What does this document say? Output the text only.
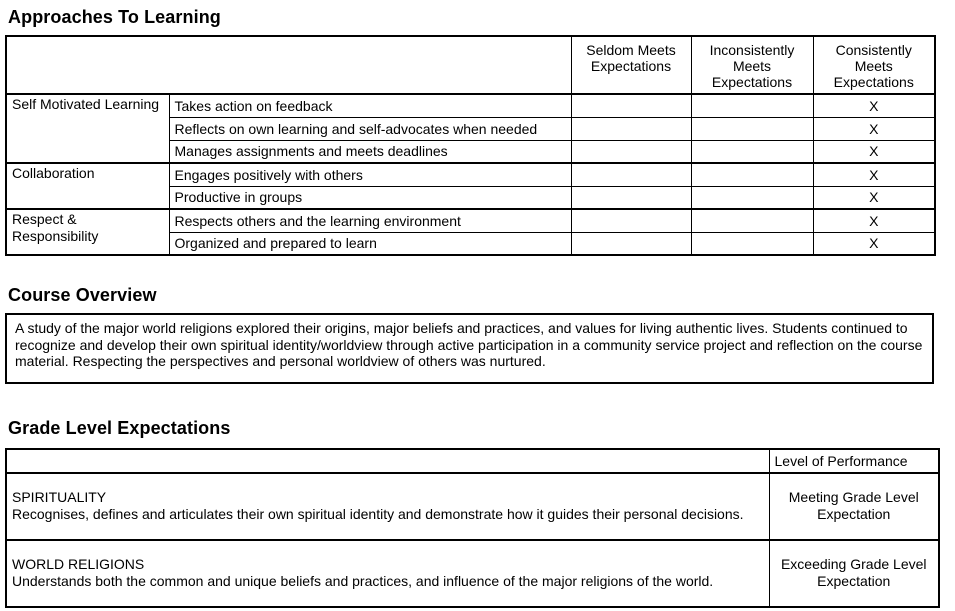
Approaches To Learning
		Seldom Meets Expectations	Inconsistently Meets Expectations	Consistently Meets Expectations
Self Motivated Learning	Takes action on feedback			X
	Reflects on own learning and self-advocates when needed			X
	Manages assignments and meets deadlines			X
Collaboration	Engages positively with others			X
	Productive in groups			X
Respect & Responsibility	Respects others and the learning environment			X
	Organized and prepared to learn			X
Course Overview
A study of the major world religions explored their origins, major beliefs and practices, and values for living authentic lives. Students continued to recognize and develop their own spiritual identity/worldview through active participation in a community service project and reflection on the course material. Respecting the perspectives and personal worldview of others was nurtured.
Grade Level Expectations
	Level of Performance

SPIRITUALITY
Recognises, defines and articulates their own spiritual identity and demonstrate how it guides their personal decisions.	Meeting Grade Level Expectation

WORLD RELIGIONS
Understands both the common and unique beliefs and practices, and influence of the major religions of the world.	Exceeding Grade Level Expectation
